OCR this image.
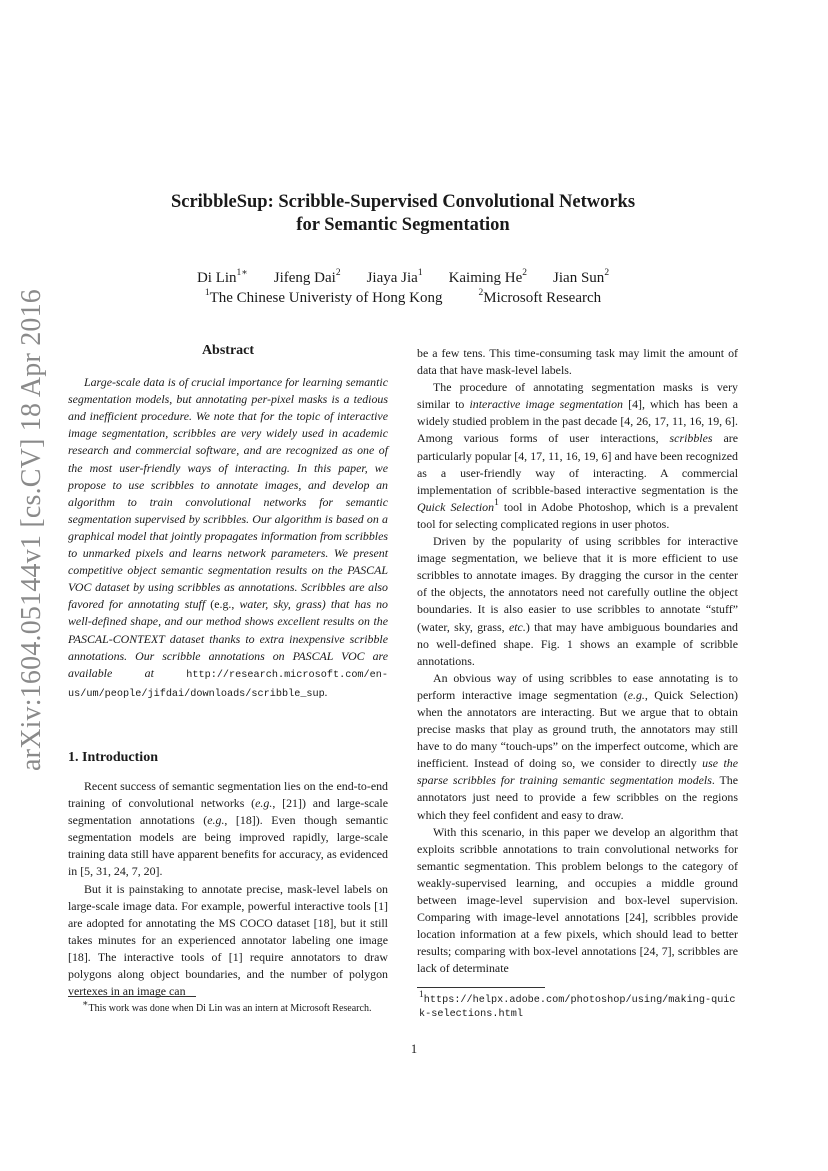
arXiv:1604.05144v1 [cs.CV] 18 Apr 2016
ScribbleSup: Scribble-Supervised Convolutional Networks
for Semantic Segmentation
Di Lin$^{1∗}$ Jifeng Dai$^2$ Jiaya Jia$^1$ Kaiming He$^2$ Jian Sun$^2$
$^1$The Chinese Univeristy of Hong Kong	$^2$Microsoft Research
Abstract

Large-scale data is of crucial importance for learning semantic segmentation models, but annotating per-pixel masks is a tedious and inefficient procedure. We note that for the topic of interactive image segmentation, scribbles are very widely used in academic research and commercial software, and are recognized as one of the most user-friendly ways of interacting. In this paper, we propose to use scribbles to annotate images, and develop an algorithm to train convolutional networks for semantic segmentation supervised by scribbles. Our algorithm is based on a graphical model that jointly propagates information from scribbles to unmarked pixels and learns network parameters. We present competitive object semantic segmentation results on the PASCAL VOC dataset by using scribbles as annotations. Scribbles are also favored for annotating stuff (e.g., water, sky, grass) that has no well-defined shape, and our method shows excellent results on the PASCAL-CONTEXT dataset thanks to extra inexpensive scribble annotations. Our scribble annotations on PASCAL VOC are available at http://research.microsoft.com/en-us/um/people/jifdai/downloads/scribble_sup.

1. Introduction

Recent success of semantic segmentation lies on the end-to-end training of convolutional networks (e.g., [21]) and large-scale segmentation annotations (e.g., [18]). Even though semantic segmentation models are being improved rapidly, large-scale training data still have apparent benefits for accuracy, as evidenced in [5, 31, 24, 7, 20].

But it is painstaking to annotate precise, mask-level labels on large-scale image data. For example, powerful interactive tools [1] are adopted for annotating the MS COCO dataset [18], but it still takes minutes for an experienced annotator labeling one image [18]. The interactive tools of [1] require annotators to draw polygons along object boundaries, and the number of polygon vertexes in an image can

be a few tens. This time-consuming task may limit the amount of data that have mask-level labels.

The procedure of annotating segmentation masks is very similar to interactive image segmentation [4], which has been a widely studied problem in the past decade [4, 26, 17, 11, 16, 19, 6]. Among various forms of user interactions, scribbles are particularly popular [4, 17, 11, 16, 19, 6] and have been recognized as a user-friendly way of interacting. A commercial implementation of scribble-based interactive segmentation is the Quick Selection$^1$ tool in Adobe Photoshop, which is a prevalent tool for selecting complicated regions in user photos.

Driven by the popularity of using scribbles for interactive image segmentation, we believe that it is more efficient to use scribbles to annotate images. By dragging the cursor in the center of the objects, the annotators need not carefully outline the object boundaries. It is also easier to use scribbles to annotate “stuff” (water, sky, grass, etc.) that may have ambiguous boundaries and no well-defined shape. Fig. 1 shows an example of scribble annotations.

An obvious way of using scribbles to ease annotating is to perform interactive image segmentation (e.g., Quick Selection) when the annotators are interacting. But we argue that to obtain precise masks that play as ground truth, the annotators may still have to do many “touch-ups” on the imperfect outcome, which are inefficient. Instead of doing so, we consider to directly use the sparse scribbles for training semantic segmentation models. The annotators just need to provide a few scribbles on the regions which they feel confident and easy to draw.

With this scenario, in this paper we develop an algorithm that exploits scribble annotations to train convolutional networks for semantic segmentation. This problem belongs to the category of weakly-supervised learning, and occupies a middle ground between image-level supervision and box-level supervision. Comparing with image-level annotations [24], scribbles provide location information at a few pixels, which should lead to better results; comparing with box-level annotations [24, 7], scribbles are lack of determinate

∗This work was done when Di Lin was an intern at Microsoft Research.
$^1$https://helpx.adobe.com/photoshop/using/making-quick-selections.html
1
